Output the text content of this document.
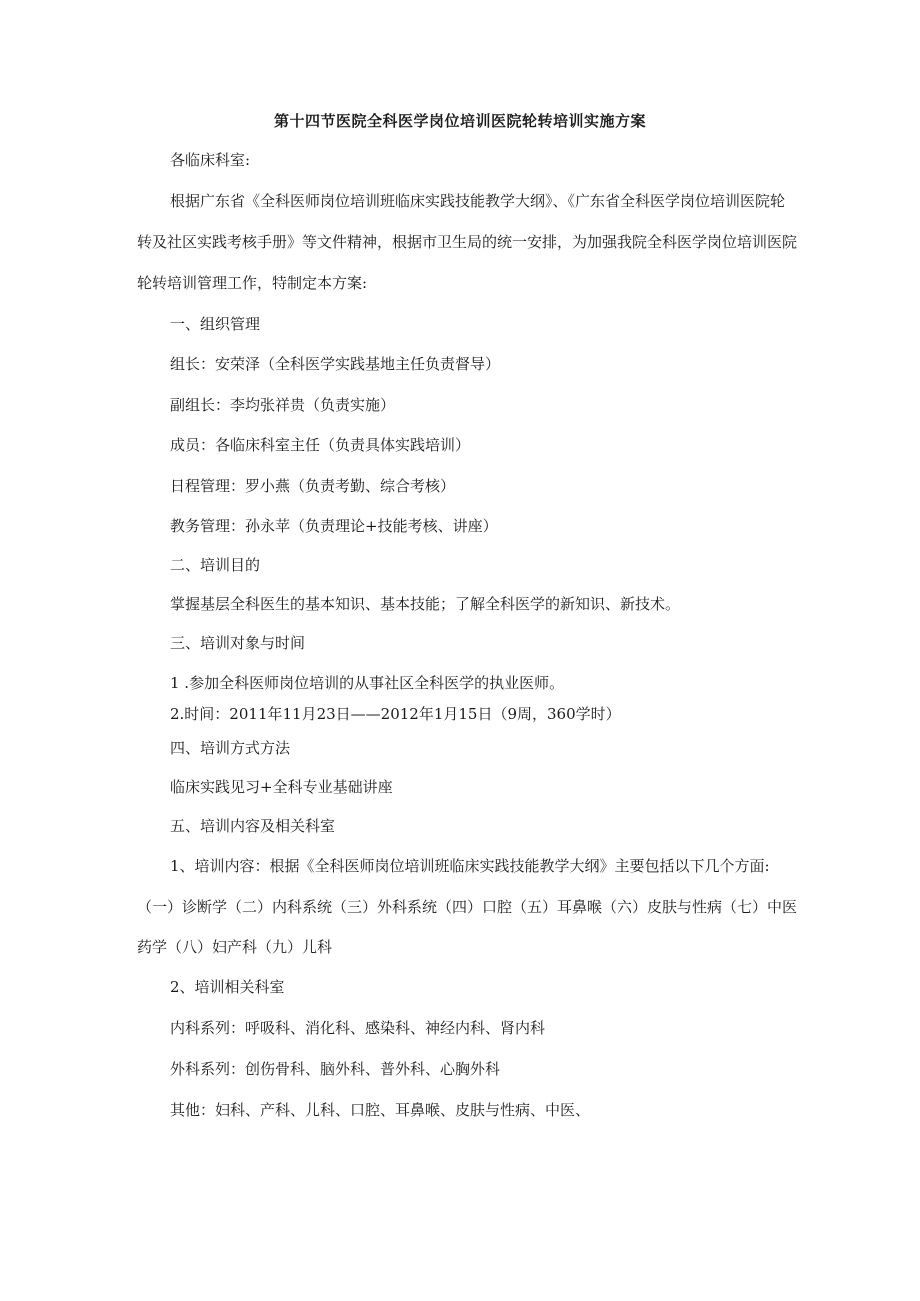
第十四节医院全科医学岗位培训医院轮转培训实施方案
各临床科室:
根据广东省《全科医师岗位培训班临床实践技能教学大纲》、《广东省全科医学岗位培训医院轮
转及社区实践考核手册》等文件精神，根据市卫生局的统一安排，为加强我院全科医学岗位培训医院
轮转培训管理工作，特制定本方案:
一、组织管理
组长：安荣泽（全科医学实践基地主任负责督导）
副组长：李均张祥贵（负责实施）
成员：各临床科室主任（负责具体实践培训）
日程管理：罗小燕（负责考勤、综合考核）
教务管理：孙永苹（负责理论+技能考核、讲座）
二、培训目的
掌握基层全科医生的基本知识、基本技能；了解全科医学的新知识、新技术。
三、培训对象与时间
1 .参加全科医师岗位培训的从事社区全科医学的执业医师。
2.时间：2011年11月23日——2012年1月15日（9周，360学时）
四、培训方式方法
临床实践见习+全科专业基础讲座
五、培训内容及相关科室
1、培训内容：根据《全科医师岗位培训班临床实践技能教学大纲》主要包括以下几个方面:
（一）诊断学（二）内科系统（三）外科系统（四）口腔（五）耳鼻喉（六）皮肤与性病（七）中医
药学（八）妇产科（九）儿科
2、培训相关科室
内科系列：呼吸科、消化科、感染科、神经内科、肾内科
外科系列：创伤骨科、脑外科、普外科、心胸外科
其他：妇科、产科、儿科、口腔、耳鼻喉、皮肤与性病、中医、
